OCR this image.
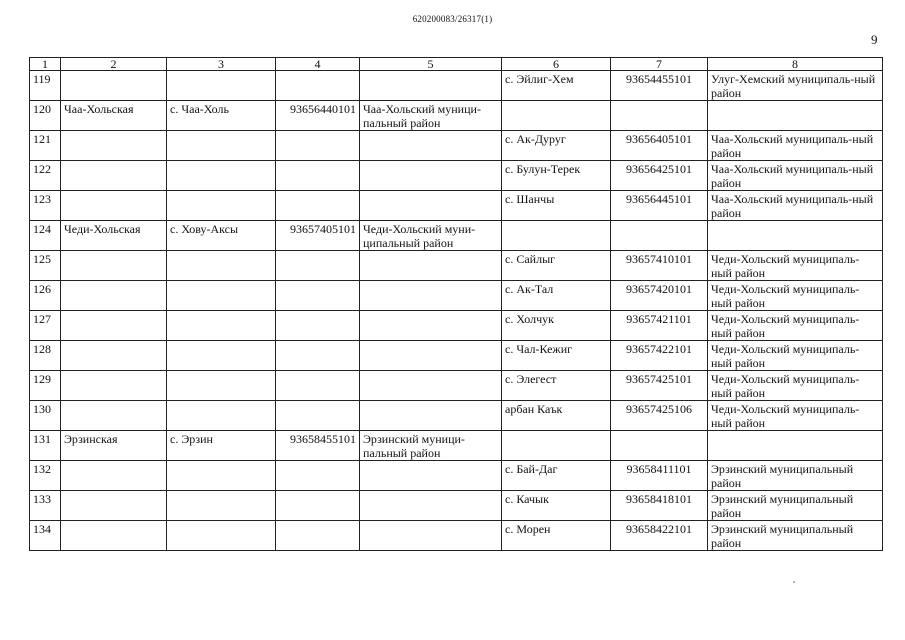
620200083/26317(1)
9
1	2	3	4	5	6	7	8
119					с. Эйлиг-Хем	93654455101	Улуг-Хемский муниципаль-ный район
120	Чаа-Хольская	с. Чаа-Холь	93656440101	Чаа-Хольский муници-пальный район			
121					с. Ак-Дуруг	93656405101	Чаа-Хольский муниципаль-ный район
122					с. Булун-Терек	93656425101	Чаа-Хольский муниципаль-ный район
123					с. Шанчы	93656445101	Чаа-Хольский муниципаль-ный район
124	Чеди-Хольская	с. Хову-Аксы	93657405101	Чеди-Хольский муни-ципальный район			
125					с. Сайлыг	93657410101	Чеди-Хольский муниципаль-ный район
126					с. Ак-Тал	93657420101	Чеди-Хольский муниципаль-ный район
127					с. Холчук	93657421101	Чеди-Хольский муниципаль-ный район
128					с. Чал-Кежиг	93657422101	Чеди-Хольский муниципаль-ный район
129					с. Элегест	93657425101	Чеди-Хольский муниципаль-ный район
130					арбан Каък	93657425106	Чеди-Хольский муниципаль-ный район
131	Эрзинская	с. Эрзин	93658455101	Эрзинский муници-пальный район			
132					с. Бай-Даг	93658411101	Эрзинский муниципальный район
133					с. Качык	93658418101	Эрзинский муниципальный район
134					с. Морен	93658422101	Эрзинский муниципальный район
